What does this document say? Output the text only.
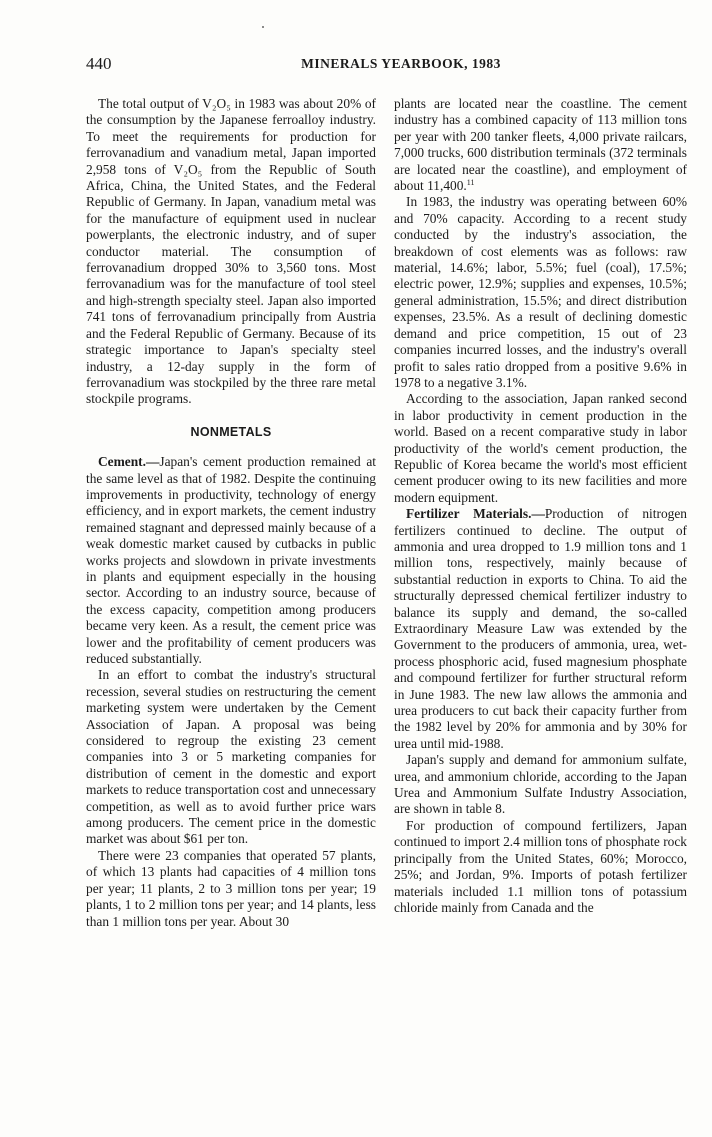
440	MINERALS YEARBOOK, 1983

The total output of V₂O₅ in 1983 was about 20% of the consumption by the Japanese ferroalloy industry. To meet the requirements for production for ferrovanadium and vanadium metal, Japan imported 2,958 tons of V₂O₅ from the Republic of South Africa, China, the United States, and the Federal Republic of Germany. In Japan, vanadium metal was for the manufacture of equipment used in nuclear powerplants, the electronic industry, and of super conductor material. The consumption of ferrovanadium dropped 30% to 3,560 tons. Most ferrovanadium was for the manufacture of tool steel and high-strength specialty steel. Japan also imported 741 tons of ferrovanadium principally from Austria and the Federal Republic of Germany. Because of its strategic importance to Japan's specialty steel industry, a 12-day supply in the form of ferrovanadium was stockpiled by the three rare metal stockpile programs.

NONMETALS

Cement.—Japan's cement production remained at the same level as that of 1982. Despite the continuing improvements in productivity, technology of energy efficiency, and in export markets, the cement industry remained stagnant and depressed mainly because of a weak domestic market caused by cutbacks in public works projects and slowdown in private investments in plants and equipment especially in the housing sector. According to an industry source, because of the excess capacity, competition among producers became very keen. As a result, the cement price was lower and the profitability of cement producers was reduced substantially.

In an effort to combat the industry's structural recession, several studies on restructuring the cement marketing system were undertaken by the Cement Association of Japan. A proposal was being considered to regroup the existing 23 cement companies into 3 or 5 marketing companies for distribution of cement in the domestic and export markets to reduce transportation cost and unnecessary competition, as well as to avoid further price wars among producers. The cement price in the domestic market was about $61 per ton.

There were 23 companies that operated 57 plants, of which 13 plants had capacities of 4 million tons per year; 11 plants, 2 to 3 million tons per year; 19 plants, 1 to 2 million tons per year; and 14 plants, less than 1 million tons per year. About 30

plants are located near the coastline. The cement industry has a combined capacity of 113 million tons per year with 200 tanker fleets, 4,000 private railcars, 7,000 trucks, 600 distribution terminals (372 terminals are located near the coastline), and employment of about 11,400.11

In 1983, the industry was operating between 60% and 70% capacity. According to a recent study conducted by the industry's association, the breakdown of cost elements was as follows: raw material, 14.6%; labor, 5.5%; fuel (coal), 17.5%; electric power, 12.9%; supplies and expenses, 10.5%; general administration, 15.5%; and direct distribution expenses, 23.5%. As a result of declining domestic demand and price competition, 15 out of 23 companies incurred losses, and the industry's overall profit to sales ratio dropped from a positive 9.6% in 1978 to a negative 3.1%.

According to the association, Japan ranked second in labor productivity in cement production in the world. Based on a recent comparative study in labor productivity of the world's cement production, the Republic of Korea became the world's most efficient cement producer owing to its new facilities and more modern equipment.

Fertilizer Materials.—Production of nitrogen fertilizers continued to decline. The output of ammonia and urea dropped to 1.9 million tons and 1 million tons, respectively, mainly because of substantial reduction in exports to China. To aid the structurally depressed chemical fertilizer industry to balance its supply and demand, the so-called Extraordinary Measure Law was extended by the Government to the producers of ammonia, urea, wet-process phosphoric acid, fused magnesium phosphate and compound fertilizer for further structural reform in June 1983. The new law allows the ammonia and urea producers to cut back their capacity further from the 1982 level by 20% for ammonia and by 30% for urea until mid-1988.

Japan's supply and demand for ammonium sulfate, urea, and ammonium chloride, according to the Japan Urea and Ammonium Sulfate Industry Association, are shown in table 8.

For production of compound fertilizers, Japan continued to import 2.4 million tons of phosphate rock principally from the United States, 60%; Morocco, 25%; and Jordan, 9%. Imports of potash fertilizer materials included 1.1 million tons of potassium chloride mainly from Canada and the
